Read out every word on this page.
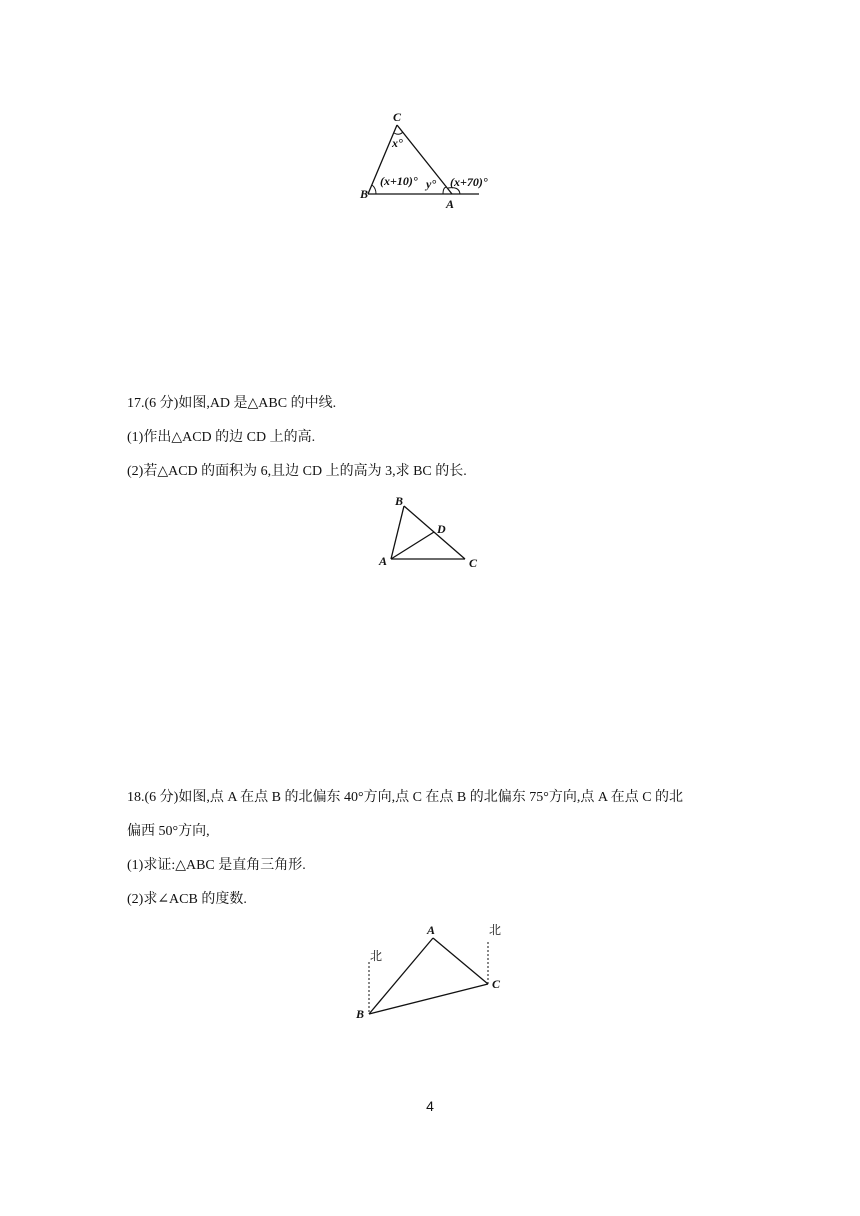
C
B
A
x°
(x+10)° y° (x+70)°
17.(6 分)如图,AD 是△ABC 的中线.
(1)作出△ACD 的边 CD 上的高.
(2)若△ACD 的面积为 6,且边 CD 上的高为 3,求 BC 的长.
B
D
A	C
18.(6 分)如图,点 A 在点 B 的北偏东 40°方向,点 C 在点 B 的北偏东 75°方向,点 A 在点 C 的北
偏西 50°方向,
(1)求证:△ABC 是直角三角形.
(2)求∠ACB 的度数.
A
B
C
北
北
4
